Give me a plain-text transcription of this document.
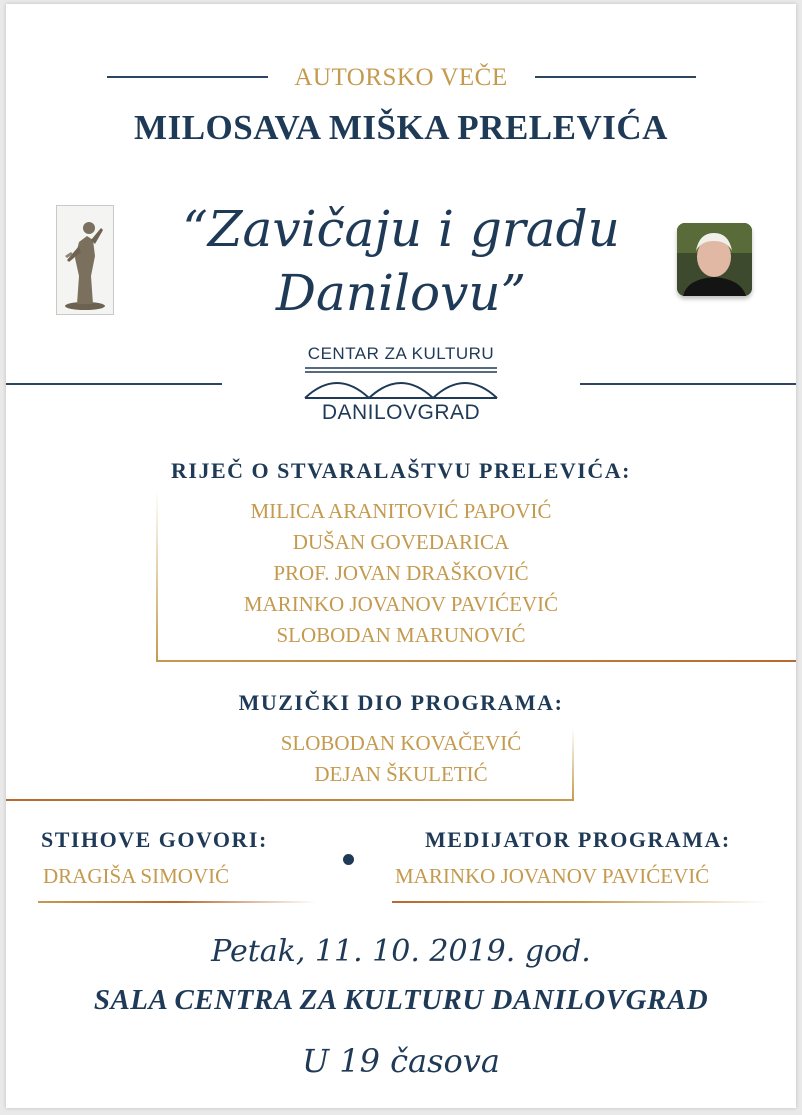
AUTORSKO VEČE
MILOSAVA MIŠKA PRELEVIĆA
“Zavičaju i gradu
Danilovu”
CENTAR ZA KULTURU
DANILOVGRAD
RIJEČ O STVARALAŠTVU PRELEVIĆA:
MILICA ARANITOVIĆ PAPOVIĆ
DUŠAN GOVEDARICA
PROF. JOVAN DRAŠKOVIĆ
MARINKO JOVANOV PAVIĆEVIĆ
SLOBODAN MARUNOVIĆ
MUZIČKI DIO PROGRAMA:
SLOBODAN KOVAČEVIĆ
DEJAN ŠKULETIĆ
STIHOVE GOVORI:
DRAGIŠA SIMOVIĆ
MEDIJATOR PROGRAMA:
MARINKO JOVANOV PAVIĆEVIĆ
Petak, 11. 10. 2019. god.
SALA CENTRA ZA KULTURU DANILOVGRAD
U 19 časova
